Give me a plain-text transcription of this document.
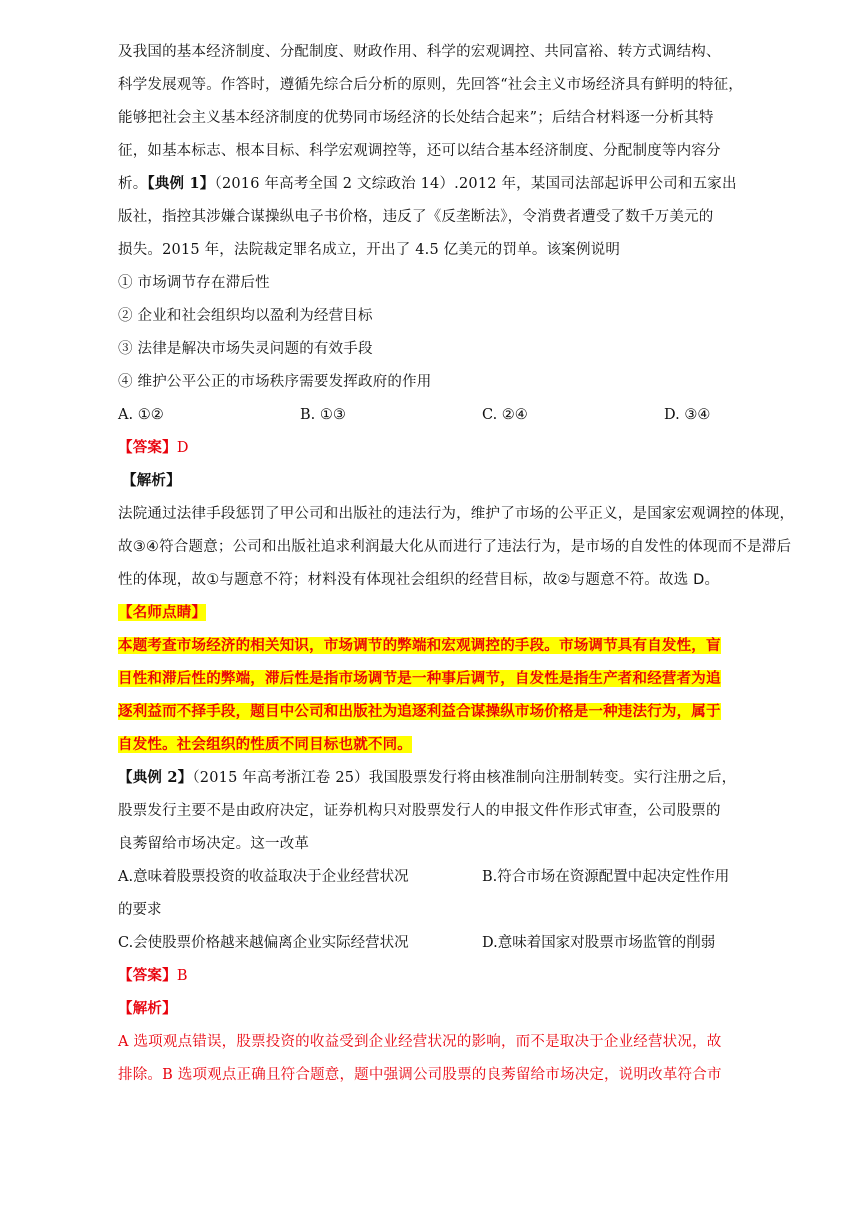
及我国的基本经济制度、分配制度、财政作用、科学的宏观调控、共同富裕、转方式调结构、
科学发展观等。作答时，遵循先综合后分析的原则，先回答“社会主义市场经济具有鲜明的特征，
能够把社会主义基本经济制度的优势同市场经济的长处结合起来”；后结合材料逐一分析其特
征，如基本标志、根本目标、科学宏观调控等，还可以结合基本经济制度、分配制度等内容分
析。【典例 1】（2016 年高考全国 2 文综政治 14）.2012 年，某国司法部起诉甲公司和五家出
版社，指控其涉嫌合谋操纵电子书价格，违反了《反垄断法》，令消费者遭受了数千万美元的
损失。2015 年，法院裁定罪名成立，开出了 4.5 亿美元的罚单。该案例说明
① 市场调节存在滞后性
② 企业和社会组织均以盈利为经营目标
③ 法律是解决市场失灵问题的有效手段
④ 维护公平公正的市场秩序需要发挥政府的作用
A. ①②	B. ①③	C. ②④	D. ③④
【答案】D
【解析】
法院通过法律手段惩罚了甲公司和出版社的违法行为，维护了市场的公平正义，是国家宏观调控的体现，
故③④符合题意；公司和出版社追求利润最大化从而进行了违法行为，是市场的自发性的体现而不是滞后
性的体现，故①与题意不符；材料没有体现社会组织的经营目标，故②与题意不符。故选 D。
【名师点睛】
本题考查市场经济的相关知识，市场调节的弊端和宏观调控的手段。市场调节具有自发性，盲
目性和滞后性的弊端，滞后性是指市场调节是一种事后调节，自发性是指生产者和经营者为追
逐利益而不择手段，题目中公司和出版社为追逐利益合谋操纵市场价格是一种违法行为，属于
自发性。社会组织的性质不同目标也就不同。
【典例 2】（2015 年高考浙江卷 25）我国股票发行将由核准制向注册制转变。实行注册之后，
股票发行主要不是由政府决定，证券机构只对股票发行人的申报文件作形式审查，公司股票的
良莠留给市场决定。这一改革
A.意味着股票投资的收益取决于企业经营状况	B.符合市场在资源配置中起决定性作用
的要求
C.会使股票价格越来越偏离企业实际经营状况	D.意味着国家对股票市场监管的削弱
【答案】B
【解析】
A 选项观点错误，股票投资的收益受到企业经营状况的影响，而不是取决于企业经营状况，故
排除。B 选项观点正确且符合题意，题中强调公司股票的良莠留给市场决定，说明改革符合市
